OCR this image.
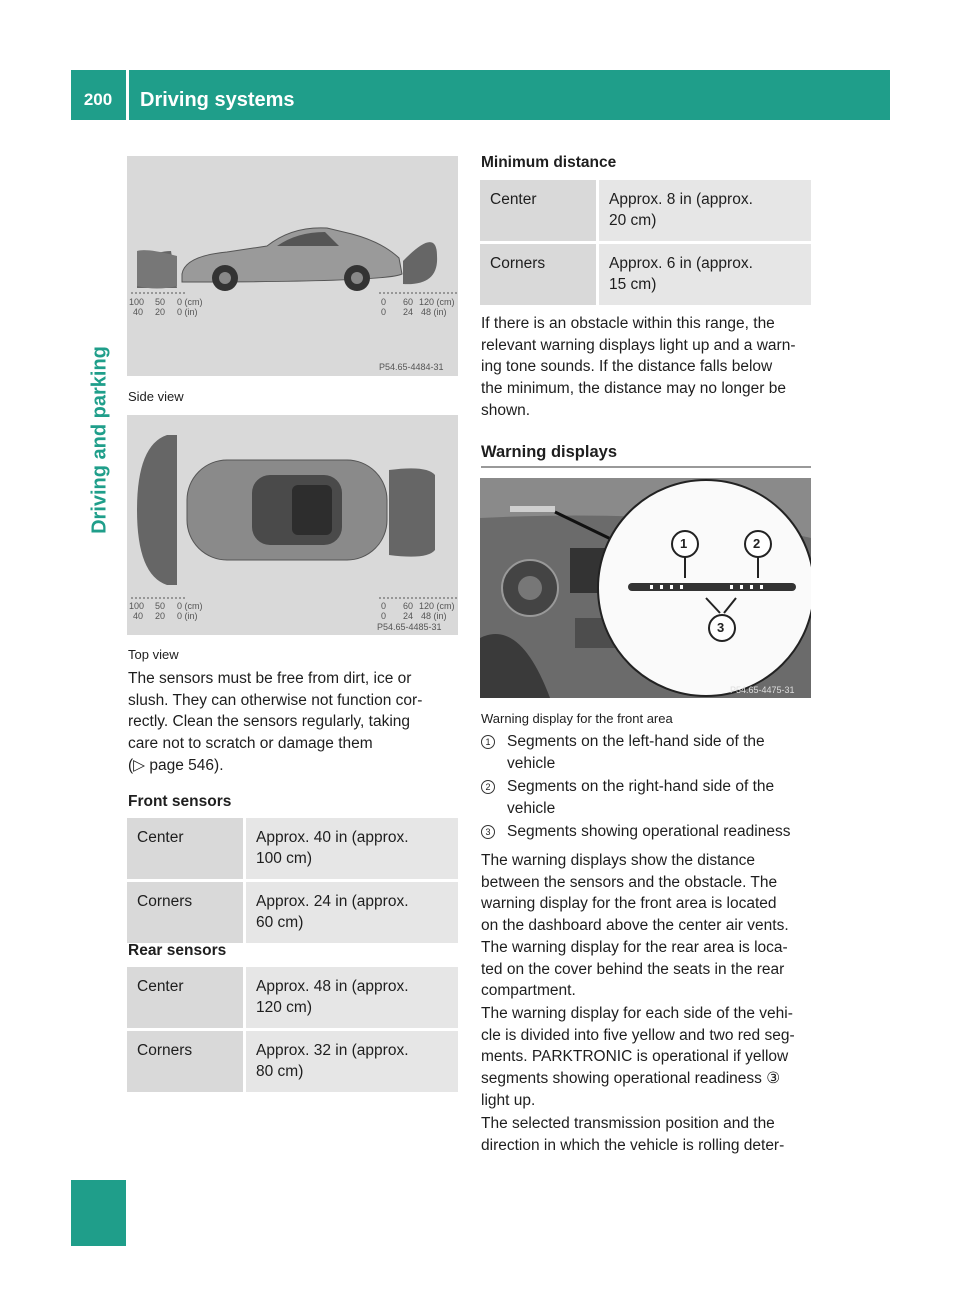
200	Driving systems
Driving and parking
100 50 0 (cm)
40 20 0 (in)
0 60 120 (cm)
0 24 48 (in)
P54.65-4484-31
Side view
100 50 0 (cm)
40 20 0 (in)
0 60 120 (cm)
0 24 48 (in)
P54.65-4485-31
Top view
The sensors must be free from dirt, ice or
slush. They can otherwise not function cor-
rectly. Clean the sensors regularly, taking
care not to scratch or damage them
(▷ page 546).
Front sensors
Center	Approx. 40 in (approx.
100 cm)
Corners	Approx. 24 in (approx.
60 cm)
Rear sensors
Center	Approx. 48 in (approx.
120 cm)
Corners	Approx. 32 in (approx.
80 cm)
Minimum distance
Center	Approx. 8 in (approx.
20 cm)
Corners	Approx. 6 in (approx.
15 cm)
If there is an obstacle within this range, the
relevant warning displays light up and a warn-
ing tone sounds. If the distance falls below
the minimum, the distance may no longer be
shown.
Warning displays
1	2
3
P54.65-4475-31
Warning display for the front area
1 Segments on the left-hand side of the
vehicle
2 Segments on the right-hand side of the
vehicle
3 Segments showing operational readiness
The warning displays show the distance
between the sensors and the obstacle. The
warning display for the front area is located
on the dashboard above the center air vents.
The warning display for the rear area is loca-
ted on the cover behind the seats in the rear
compartment.
The warning display for each side of the vehi-
cle is divided into five yellow and two red seg-
ments. PARKTRONIC is operational if yellow
segments showing operational readiness ③
light up.
The selected transmission position and the
direction in which the vehicle is rolling deter-
